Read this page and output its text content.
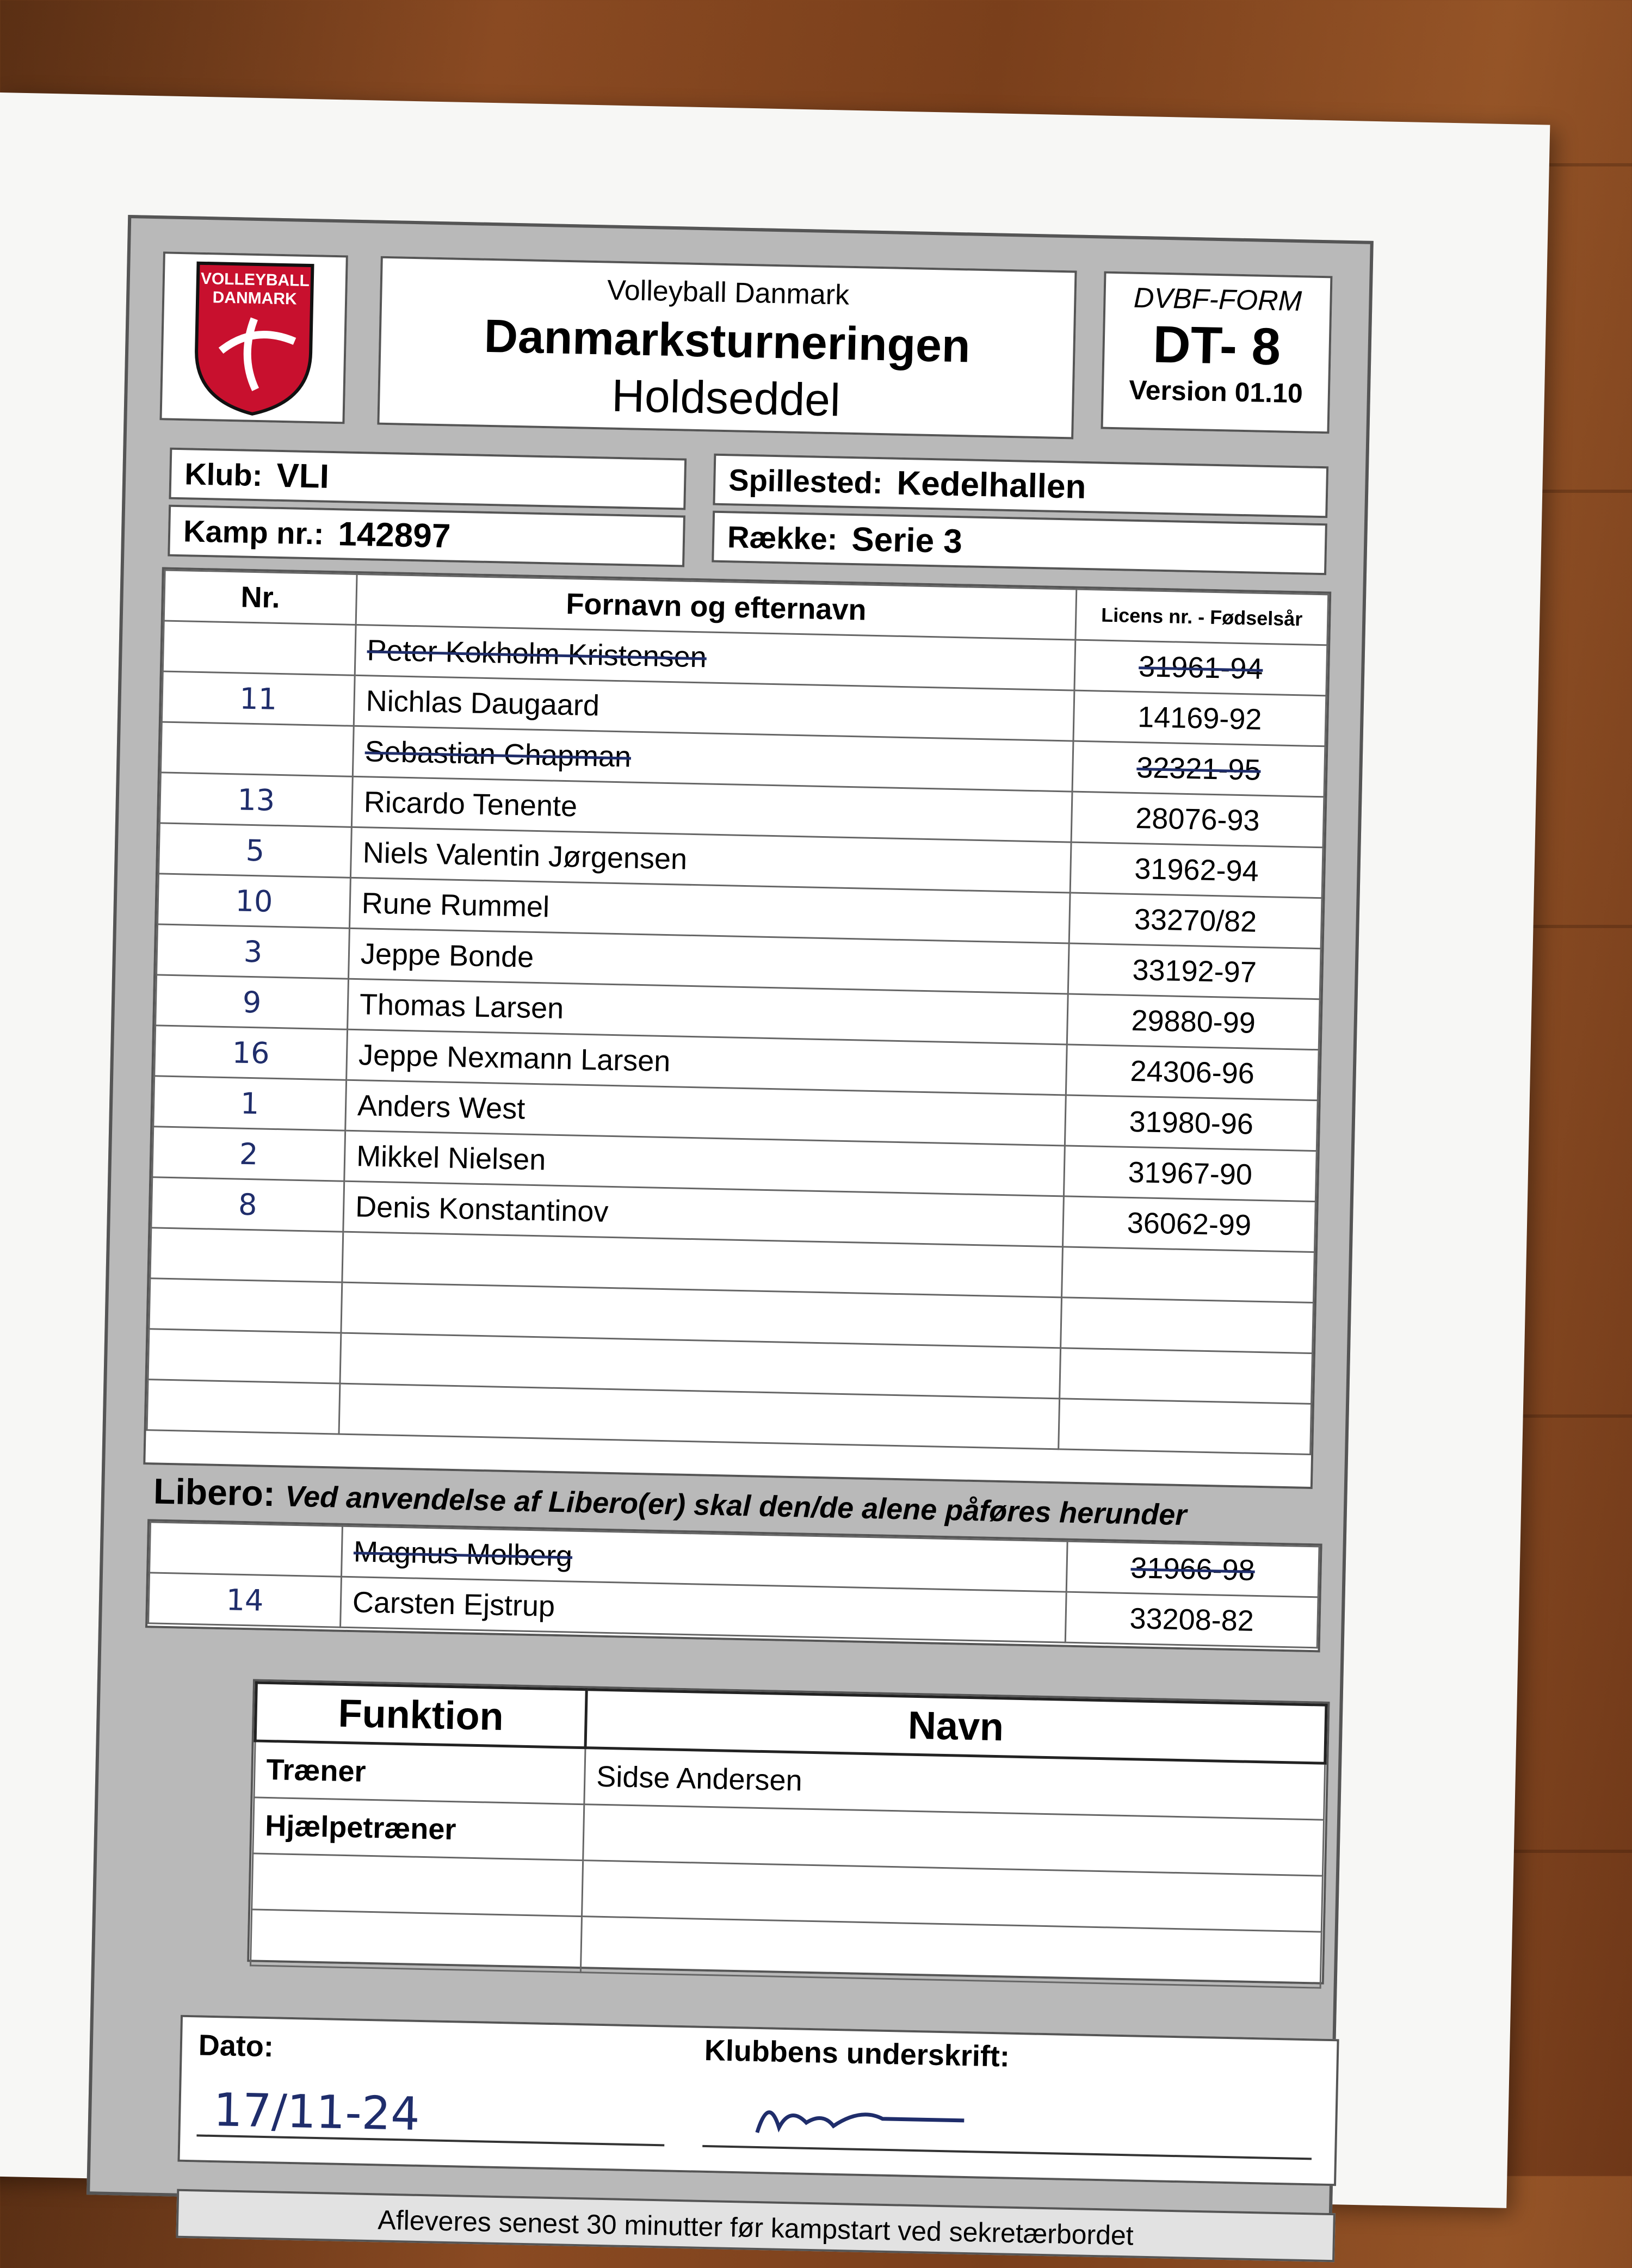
VOLLEYBALL
DANMARK	Volleyball Danmark
Danmarksturneringen
Holdseddel
DVBF-FORM
DT- 8
Version 01.10
Klub: VLI
Kamp nr.: 142897
Spillested: Kedelhallen
Række: Serie 3
Nr.	Fornavn og efternavn	Licens nr. - Fødselsår
	Peter Kokholm Kristensen	31961-94
11	Nichlas Daugaard	14169-92
	Sebastian Chapman	32321-95
13	Ricardo Tenente	28076-93
5	Niels Valentin Jørgensen	31962-94
10	Rune Rummel	33270/82
3	Jeppe Bonde	33192-97
9	Thomas Larsen	29880-99
16	Jeppe Nexmann Larsen	24306-96
1	Anders West	31980-96
2	Mikkel Nielsen	31967-90
8	Denis Konstantinov	36062-99

Libero: Ved anvendelse af Libero(er) skal den/de alene påføres herunder
	Magnus Molberg	31966-98
14	Carsten Ejstrup	33208-82
Funktion	Navn
Træner	Sidse Andersen
Hjælpetræner	

Dato:	Klubbens underskrift:
17/11-24
Afleveres senest 30 minutter før kampstart ved sekretærbordet
